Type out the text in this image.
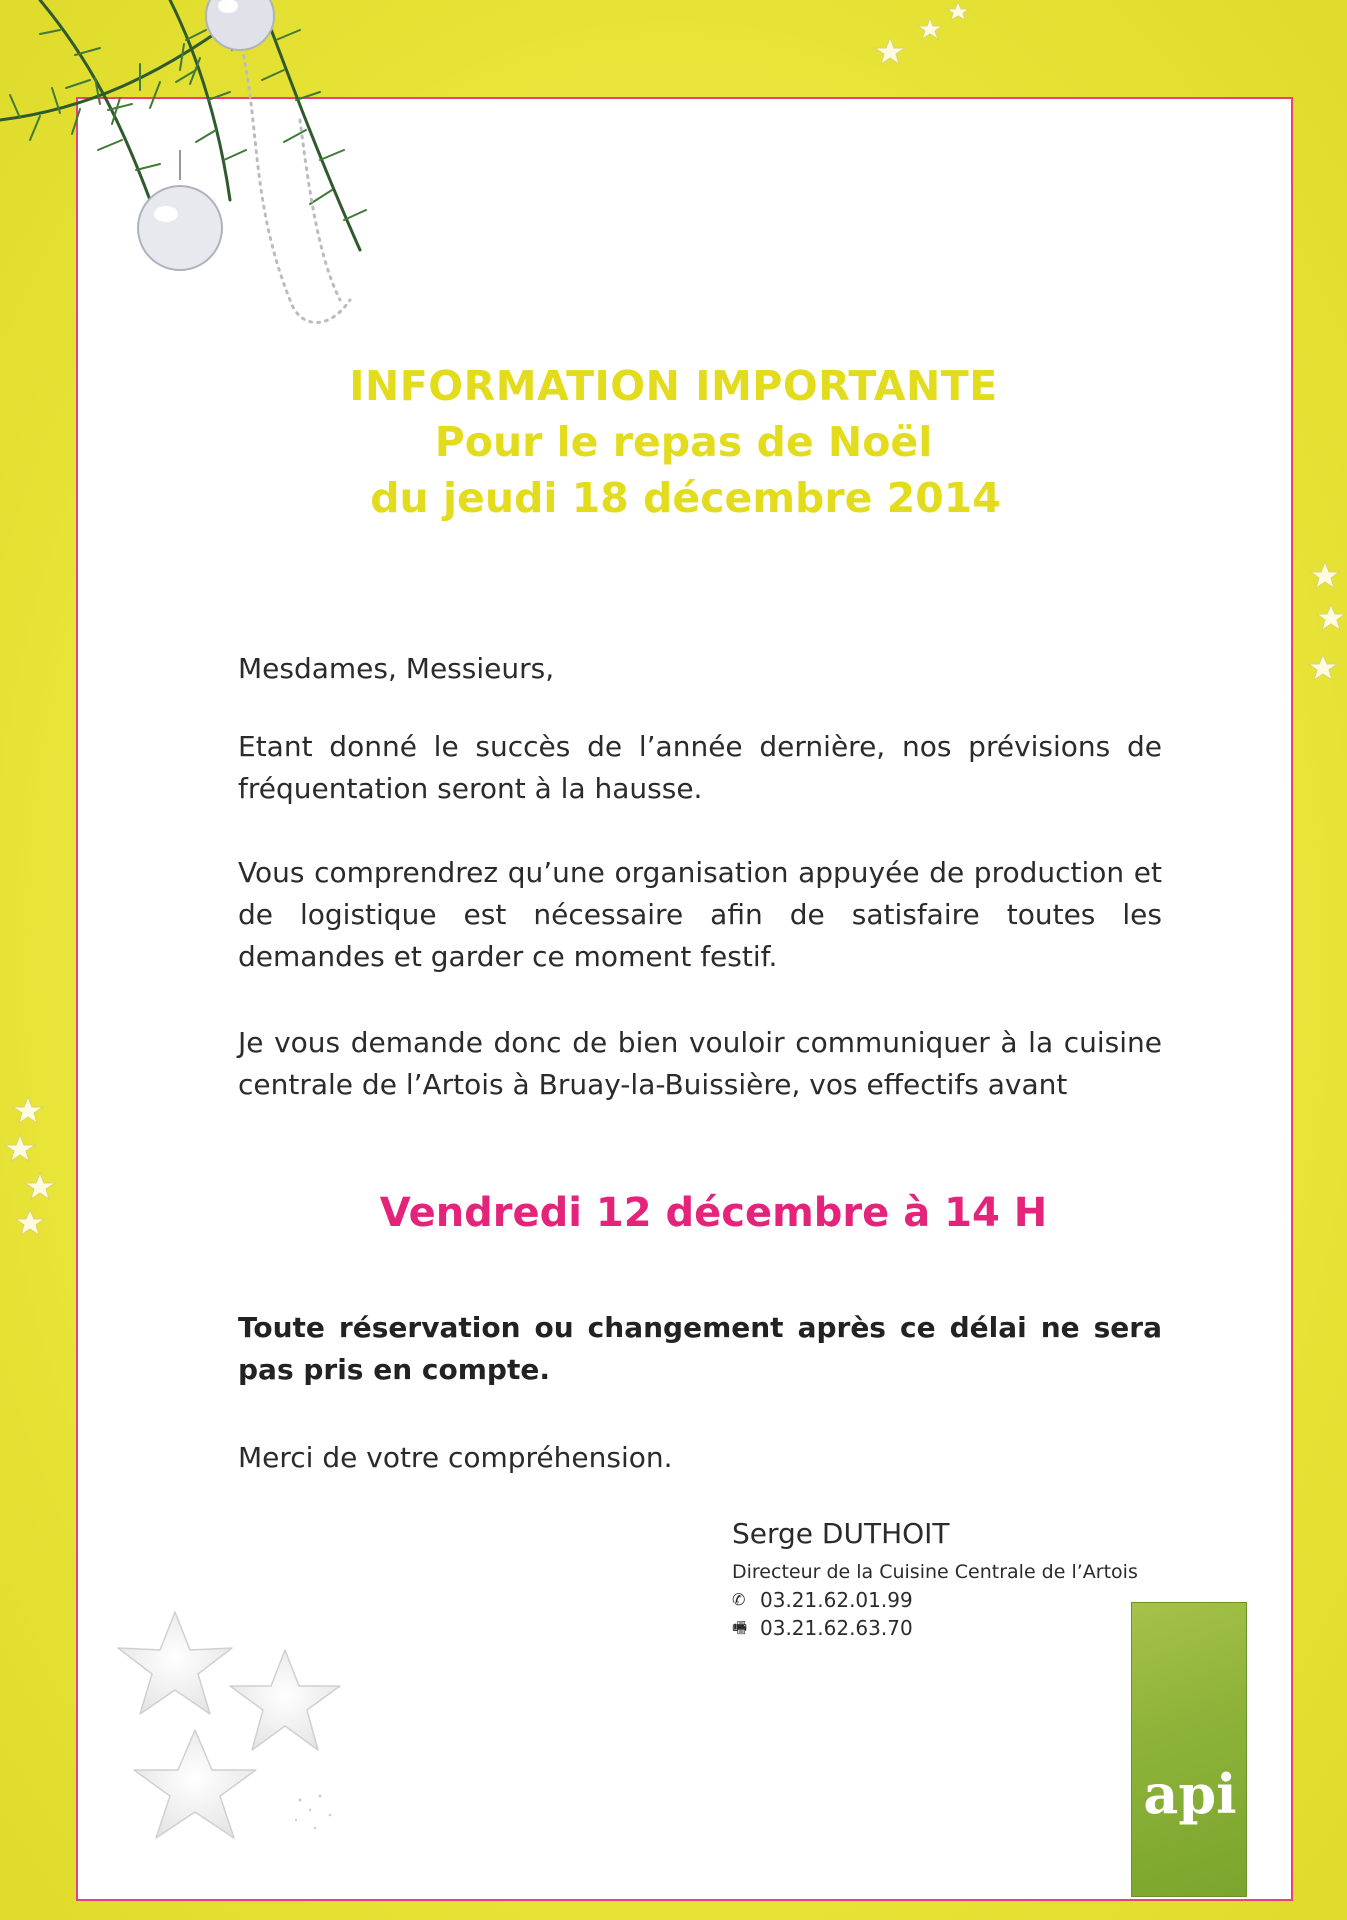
INFORMATION IMPORTANTE
Pour le repas de Noël
du jeudi 18 décembre 2014
Mesdames, Messieurs,
Etant donné le succès de l’année dernière, nos prévisions de fréquentation seront à la hausse.
Vous comprendrez qu’une organisation appuyée de production et de logistique est nécessaire afin de satisfaire toutes les demandes et garder ce moment festif.
Je vous demande donc de bien vouloir communiquer à la cuisine centrale de l’Artois à Bruay-la-Buissière, vos effectifs avant
Vendredi 12 décembre à 14 H
Toute réservation ou changement après ce délai ne sera pas pris en compte.
Merci de votre compréhension.
Serge DUTHOIT
Directeur de la Cuisine Centrale de l’Artois
✆ 03.21.62.01.99
🖷 03.21.62.63.70
api
